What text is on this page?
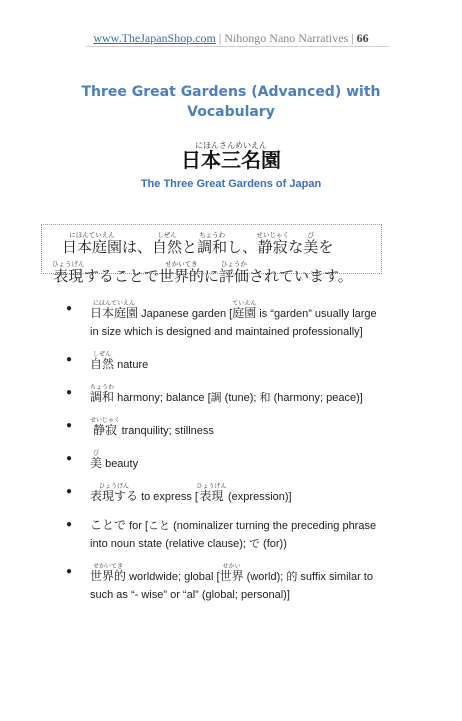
www.TheJapanShop.com | Nihongo Nano Narratives | 66
Three Great Gardens (Advanced) with Vocabulary
日本三名園にほんさんめいえん
The Three Great Gardens of Japan
日本庭園にほんていえんは、自然しぜんと調和ちょうわし、静寂せいじゃくな美びを
表現ひょうげんすることで世界的せかいてきに評価ひょうかされています。
● 日本庭園にほんていえん Japanese garden [庭園ていえん is “garden” usually large in size which is designed and maintained professionally]
● 自然しぜん nature
● 調和ちょうわ harmony; balance [調 (tune); 和 (harmony; peace)]
● 静寂せいじゃく tranquility; stillness
● 美び beauty
● 表現するひょうげん to express [表現ひょうげん (expression)]
● ことで for [こと (nominalizer turning the preceding phrase into noun state (relative clause); で (for))
● 世界的せかいてき worldwide; global [世界せかい (world); 的 suffix similar to such as “- wise” or “al” (global; personal)]
